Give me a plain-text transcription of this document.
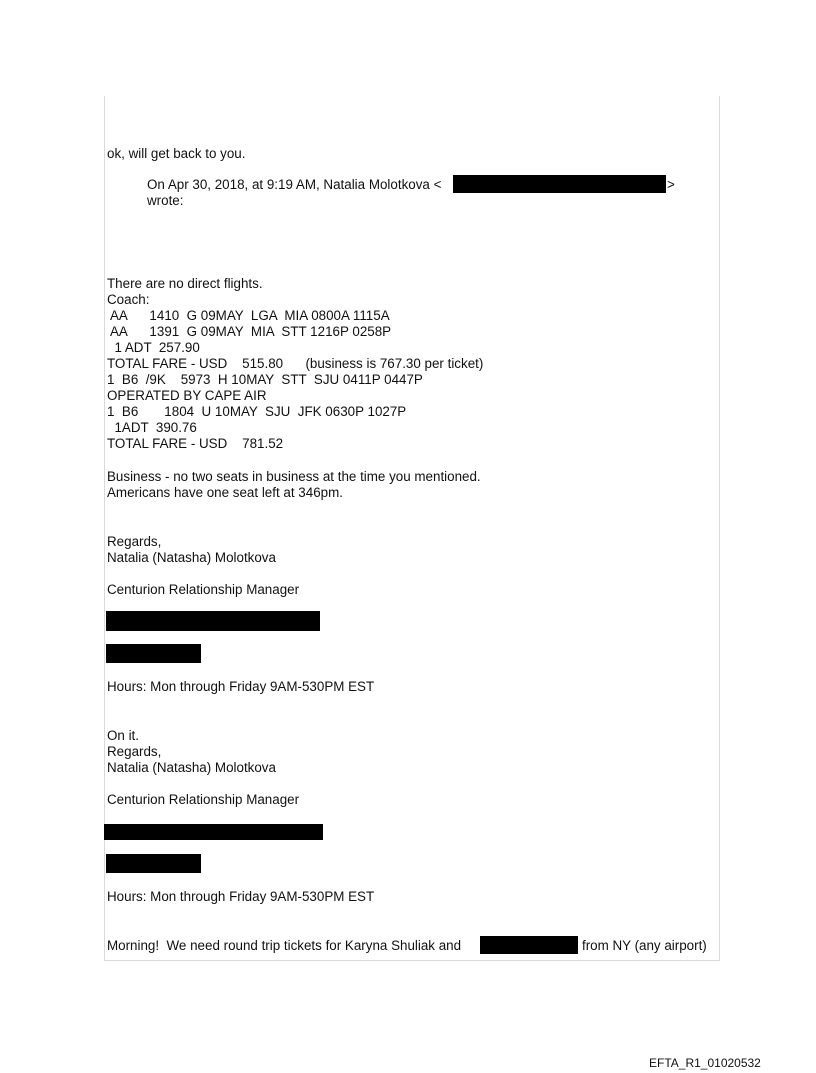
ok, will get back to you.
On Apr 30, 2018, at 9:19 AM, Natalia Molotkova <	>
wrote:
There are no direct flights.
Coach:
AA      1410  G 09MAY  LGA  MIA 0800A 1115A
AA      1391  G 09MAY  MIA  STT 1216P 0258P
1 ADT  257.90
TOTAL FARE - USD    515.80      (business is 767.30 per ticket)
1  B6  /9K    5973  H 10MAY  STT  SJU 0411P 0447P
OPERATED BY CAPE AIR
1  B6       1804  U 10MAY  SJU  JFK 0630P 1027P
1ADT  390.76
TOTAL FARE - USD    781.52
Business - no two seats in business at the time you mentioned.
Americans have one seat left at 346pm.
Regards,
Natalia (Natasha) Molotkova
Centurion Relationship Manager
Hours: Mon through Friday 9AM-530PM EST
On it.
Regards,
Natalia (Natasha) Molotkova
Centurion Relationship Manager
Hours: Mon through Friday 9AM-530PM EST
Morning!  We need round trip tickets for Karyna Shuliak and	from NY (any airport)
EFTA_R1_01020532
